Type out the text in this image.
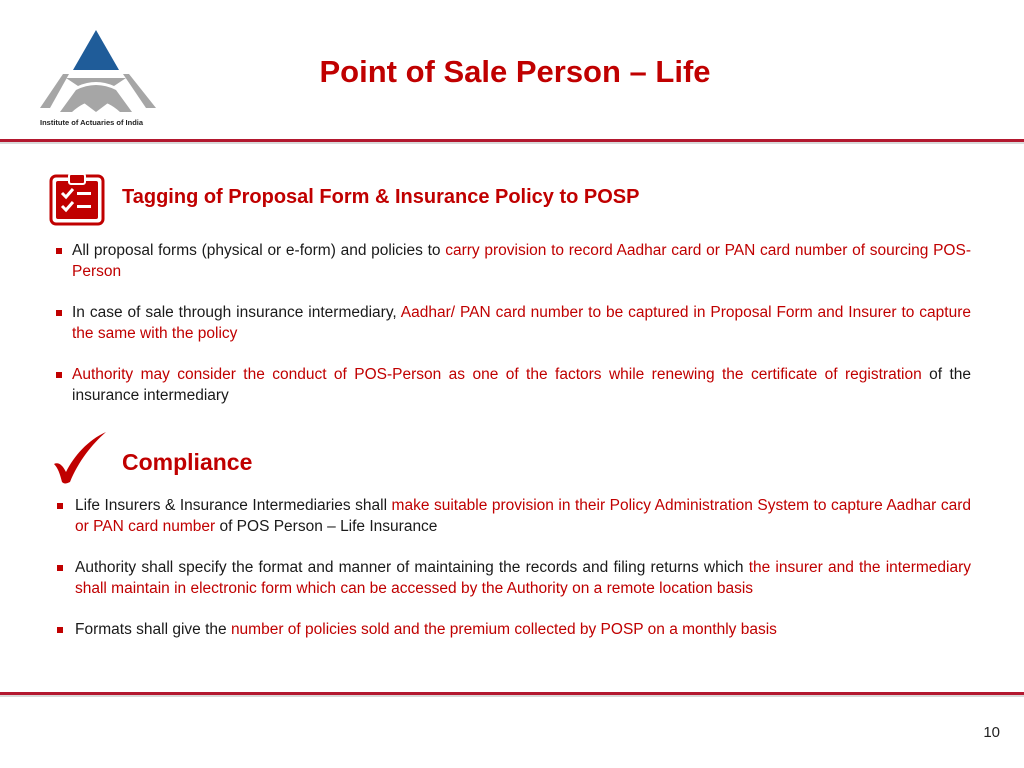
Institute of Actuaries of India
Point of Sale Person – Life
Tagging of Proposal Form & Insurance Policy to POSP
All proposal forms (physical or e-form) and policies to carry provision to record Aadhar card or PAN card number of sourcing POS-Person
In case of sale through insurance intermediary, Aadhar/ PAN card number to be captured in Proposal Form and Insurer to capture the same with the policy
Authority may consider the conduct of POS-Person as one of the factors while renewing the certificate of registration of the insurance intermediary
Compliance
Life Insurers & Insurance Intermediaries shall make suitable provision in their Policy Administration System to capture Aadhar card or PAN card number of POS Person – Life Insurance
Authority shall specify the format and manner of maintaining the records and filing returns which the insurer and the intermediary shall maintain in electronic form which can be accessed by the Authority on a remote location basis
Formats shall give the number of policies sold and the premium collected by POSP on a monthly basis
10
